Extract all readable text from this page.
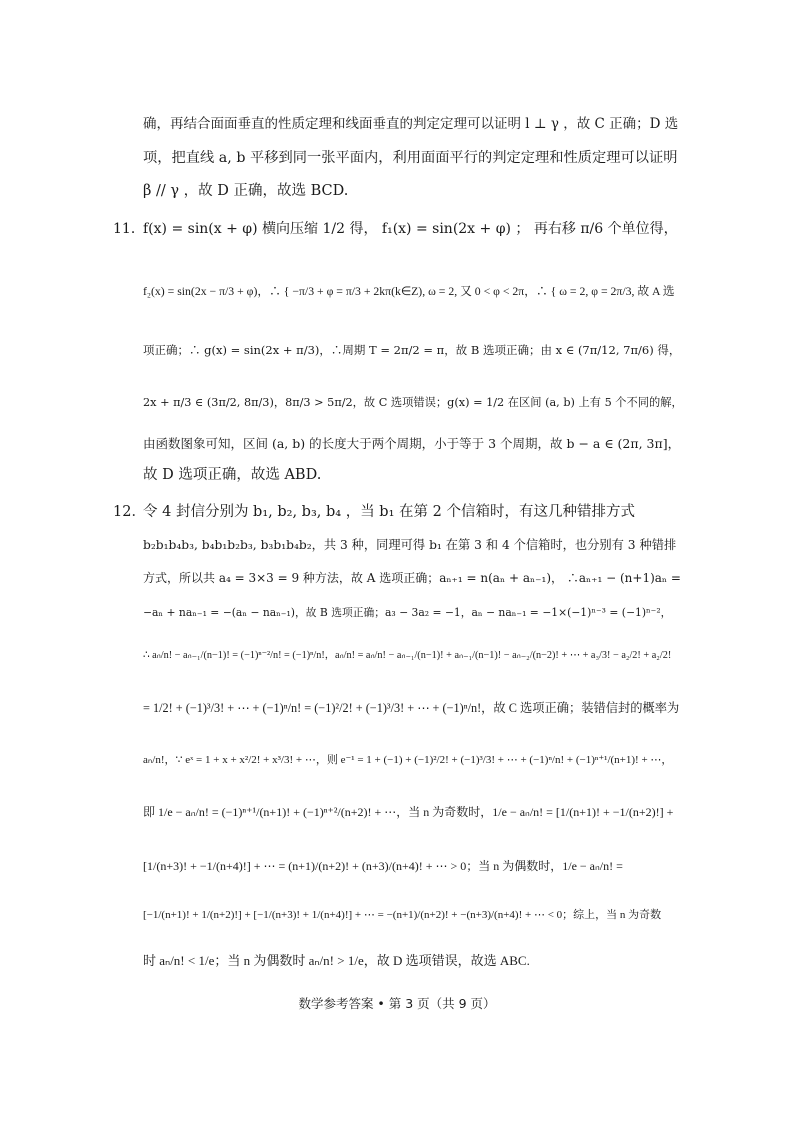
确，再结合面面垂直的性质定理和线面垂直的判定定理可以证明 l ⊥ γ ，故 C 正确；D 选
项，把直线 a, b 平移到同一张平面内，利用面面平行的判定定理和性质定理可以证明
β // γ ，故 D 正确，故选 BCD.
11．f(x) = sin(x + φ) 横向压缩 1/2 得， f₁(x) = sin(2x + φ) ； 再右移 π/6 个单位得，
f₂(x) = sin(2x − π/3 + φ)，∴ { −π/3 + φ = π/3 + 2kπ(k∈Z), ω = 2, 又 0 < φ < 2π，∴ { ω = 2, φ = 2π/3, 故 A 选
项正确；∴ g(x) = sin(2x + π/3)，∴周期 T = 2π/2 = π，故 B 选项正确；由 x ∈ (7π/12, 7π/6) 得，
2x + π/3 ∈ (3π/2, 8π/3)，8π/3 > 5π/2，故 C 选项错误；g(x) = 1/2 在区间 (a, b) 上有 5 个不同的解，
由函数图象可知，区间 (a, b) 的长度大于两个周期，小于等于 3 个周期，故 b − a ∈ (2π, 3π]，
故 D 选项正确，故选 ABD.
12．令 4 封信分别为 b₁, b₂, b₃, b₄ ，当 b₁ 在第 2 个信箱时，有这几种错排方式
b₂b₁b₄b₃, b₄b₁b₂b₃, b₃b₁b₄b₂，共 3 种，同理可得 b₁ 在第 3 和 4 个信箱时，也分别有 3 种错排
方式，所以共 a₄ = 3×3 = 9 种方法，故 A 选项正确；aₙ₊₁ = n(aₙ + aₙ₋₁)， ∴aₙ₊₁ − (n+1)aₙ =
−aₙ + naₙ₋₁ = −(aₙ − naₙ₋₁)，故 B 选项正确；a₃ − 3a₂ = −1，aₙ − naₙ₋₁ = −1×(−1)ⁿ⁻³ = (−1)ⁿ⁻²，
∴ aₙ/n! − aₙ₋₁/(n−1)! = (−1)ⁿ⁻²/n! = (−1)ⁿ/n!，aₙ/n! = aₙ/n! − aₙ₋₁/(n−1)! + aₙ₋₁/(n−1)! − aₙ₋₂/(n−2)! + ⋯ + a₃/3! − a₂/2! + a₂/2!
= 1/2! + (−1)³/3! + ⋯ + (−1)ⁿ/n! = (−1)²/2! + (−1)³/3! + ⋯ + (−1)ⁿ/n!，故 C 选项正确；装错信封的概率为
aₙ/n!，∵ eˣ = 1 + x + x²/2! + x³/3! + ⋯，则 e⁻¹ = 1 + (−1) + (−1)²/2! + (−1)³/3! + ⋯ + (−1)ⁿ/n! + (−1)ⁿ⁺¹/(n+1)! + ⋯，
即 1/e − aₙ/n! = (−1)ⁿ⁺¹/(n+1)! + (−1)ⁿ⁺²/(n+2)! + ⋯，当 n 为奇数时，1/e − aₙ/n! = [1/(n+1)! + −1/(n+2)!] +
[1/(n+3)! + −1/(n+4)!] + ⋯ = (n+1)/(n+2)! + (n+3)/(n+4)! + ⋯ > 0；当 n 为偶数时，1/e − aₙ/n! =
[−1/(n+1)! + 1/(n+2)!] + [−1/(n+3)! + 1/(n+4)!] + ⋯ = −(n+1)/(n+2)! + −(n+3)/(n+4)! + ⋯ < 0；综上，当 n 为奇数
时 aₙ/n! < 1/e；当 n 为偶数时 aₙ/n! > 1/e，故 D 选项错误，故选 ABC.
数学参考答案 • 第 3 页（共 9 页）
